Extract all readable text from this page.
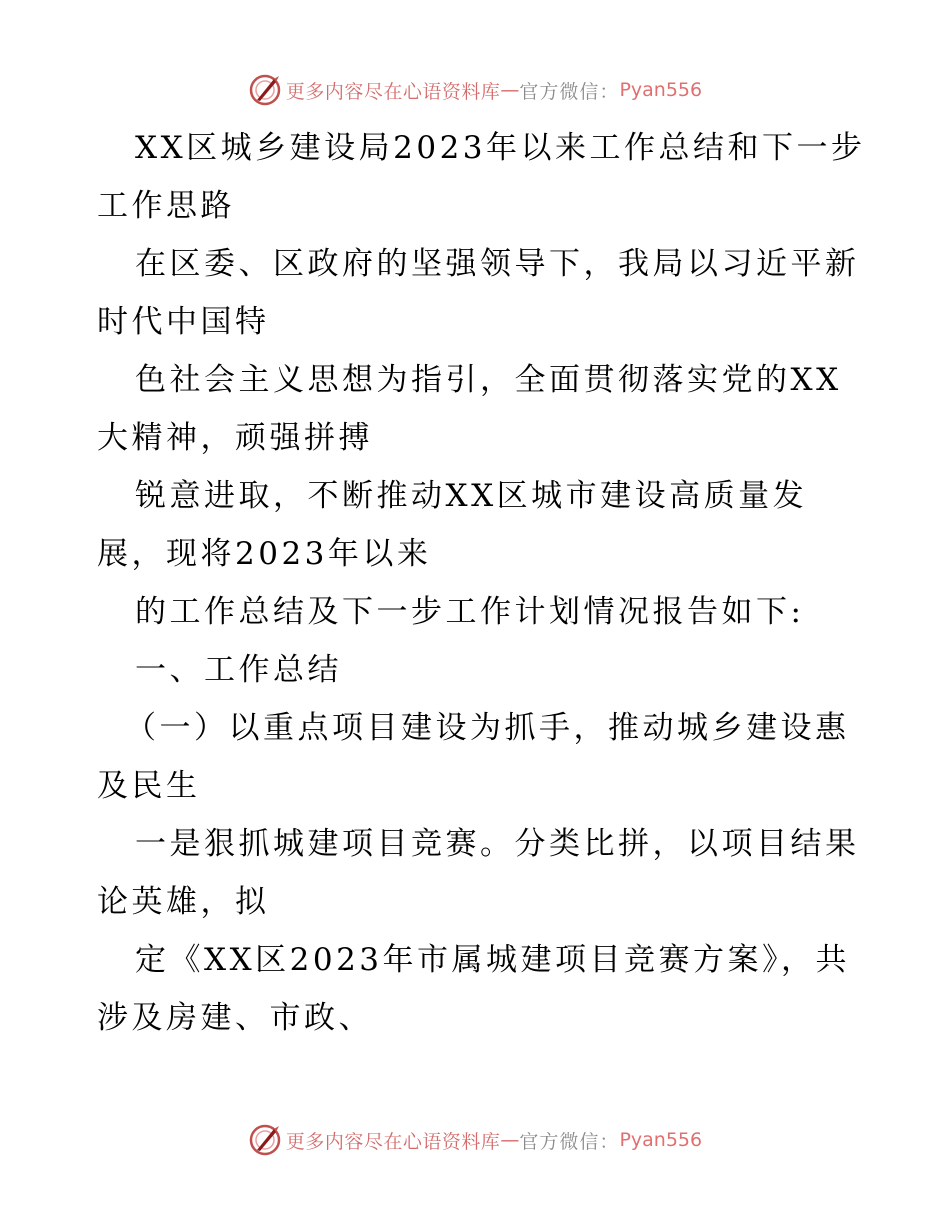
更多内容尽在心语资料库 — 官方微信： Pyan556
XX区城乡建设局2023年以来工作总结和下一步
工作思路
在区委、区政府的坚强领导下，我局以习近平新
时代中国特
色社会主义思想为指引，全面贯彻落实党的XX
大精神，顽强拼搏
锐意进取，不断推动XX区城市建设高质量发
展，现将2023年以来
的工作总结及下一步工作计划情况报告如下:
一、工作总结
（一）以重点项目建设为抓手，推动城乡建设惠
及民生
一是狠抓城建项目竞赛。分类比拼，以项目结果
论英雄，拟
定《XX区2023年市属城建项目竞赛方案》，共
涉及房建、市政、
更多内容尽在心语资料库 — 官方微信： Pyan556
